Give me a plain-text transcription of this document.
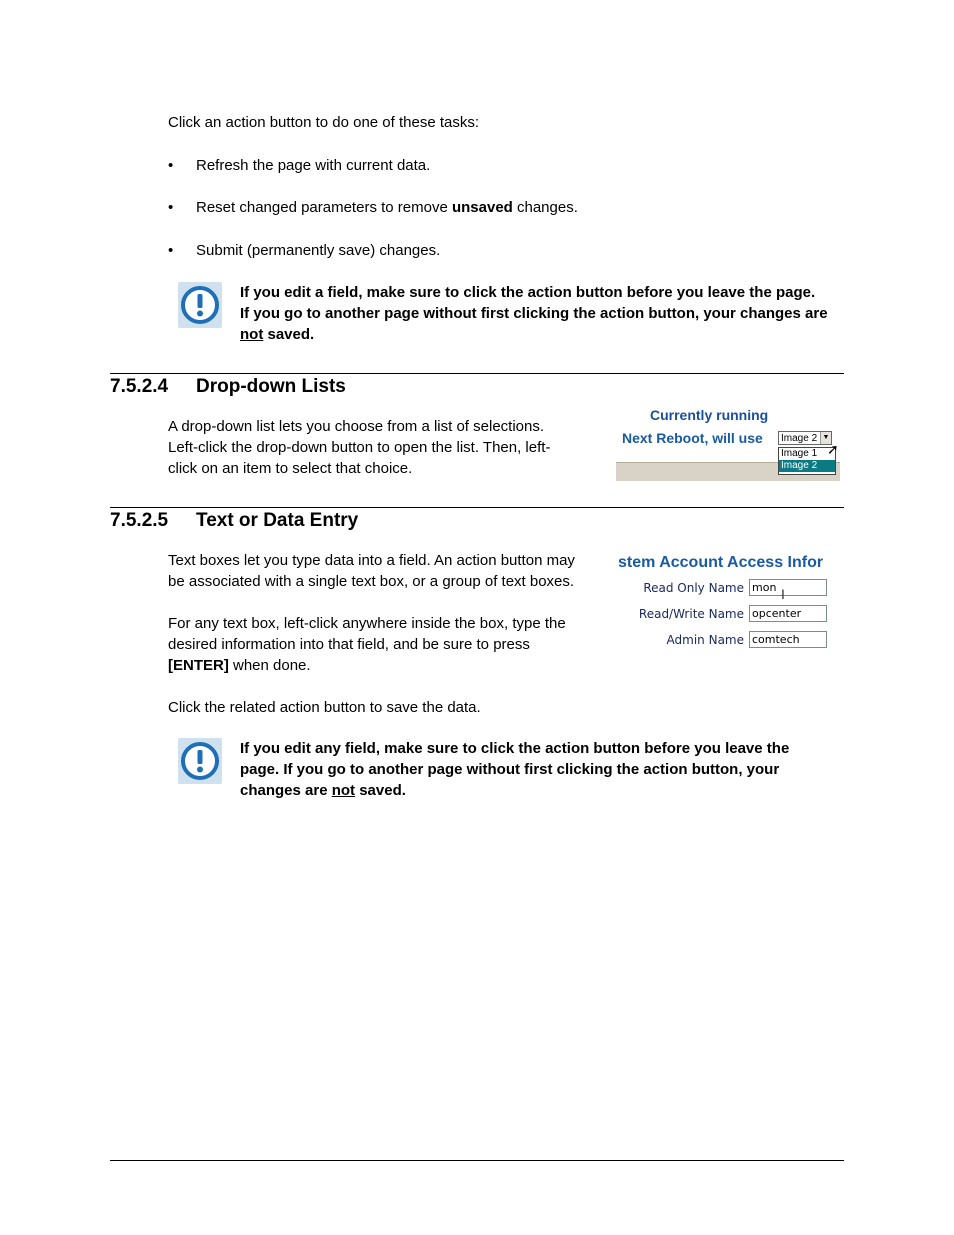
Click an action button to do one of these tasks:
•
Refresh the page with current data.
•
Reset changed parameters to remove unsaved changes.
•
Submit (permanently save) changes.
If you edit a field, make sure to click the action button before you leave the page.
If you go to another page without first clicking the action button, your changes are
not saved.
7.5.2.4 Drop-down Lists
A drop-down list lets you choose from a list of selections.
Left-click the drop-down button to open the list. Then, left-
click on an item to select that choice.
Currently running
Next Reboot, will use	Image 2 ▼
Image 1
Image 2
➚
7.5.2.5 Text or Data Entry
Text boxes let you type data into a field. An action button may
be associated with a single text box, or a group of text boxes.
For any text box, left-click anywhere inside the box, type the
desired information into that field, and be sure to press
[ENTER] when done.
Click the related action button to save the data.
stem Account Access Infor
Read Only Name mon
Read/Write Name opcenter
Admin Name comtech
I
If you edit any field, make sure to click the action button before you leave the
page. If you go to another page without first clicking the action button, your
changes are not saved.
